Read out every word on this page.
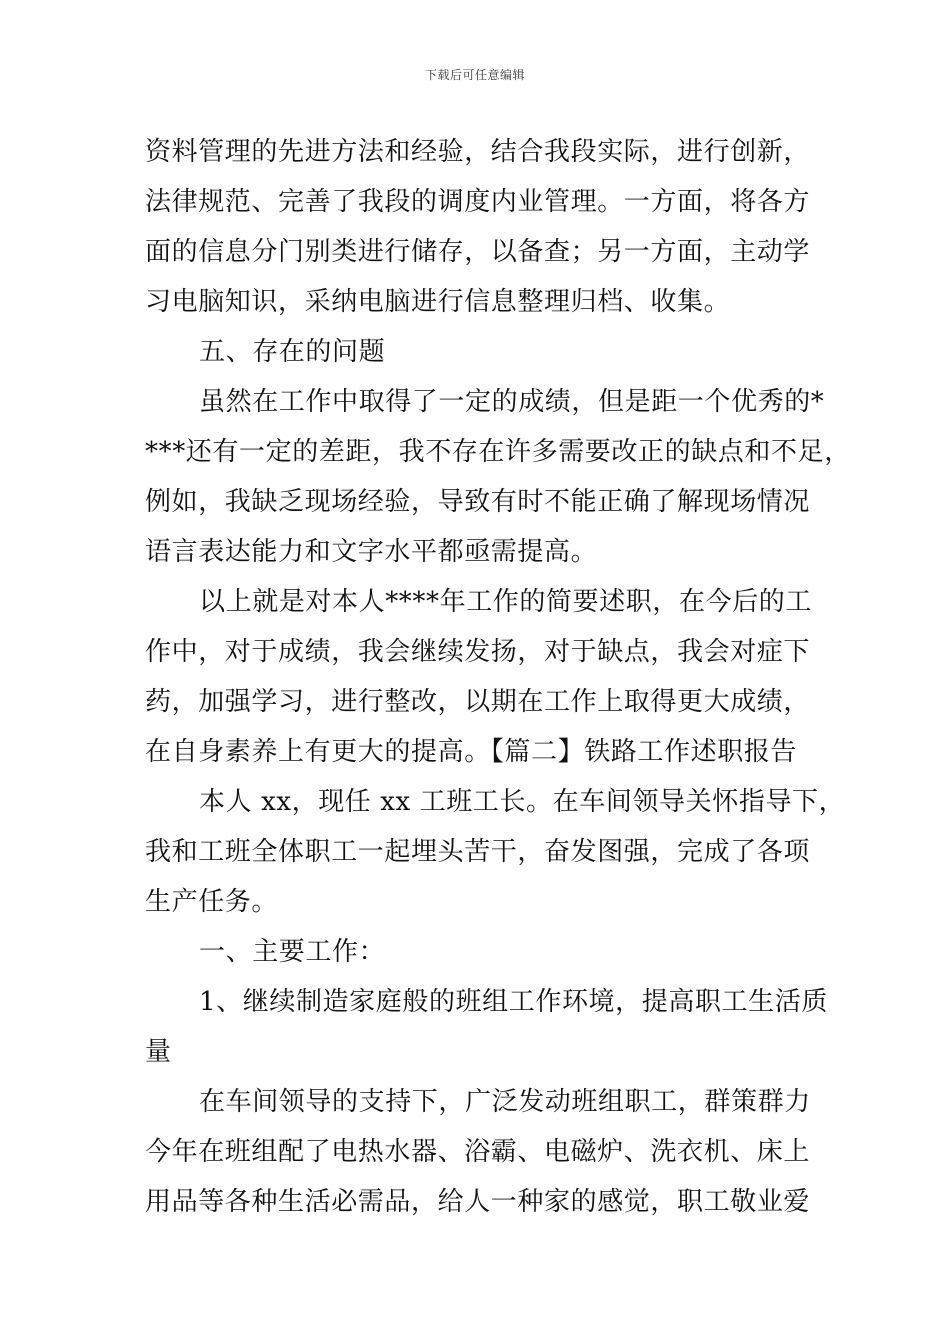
下载后可任意编辑
资料管理的先进方法和经验，结合我段实际，进行创新，
法律规范、完善了我段的调度内业管理。一方面，将各方
面的信息分门别类进行储存，以备查；另一方面，主动学
习电脑知识，采纳电脑进行信息整理归档、收集。
五、存在的问题
虽然在工作中取得了一定的成绩，但是距一个优秀的*
***还有一定的差距，我不存在许多需要改正的缺点和不足，
例如，我缺乏现场经验，导致有时不能正确了解现场情况
语言表达能力和文字水平都亟需提高。
以上就是对本人****年工作的简要述职，在今后的工
作中，对于成绩，我会继续发扬，对于缺点，我会对症下
药，加强学习，进行整改，以期在工作上取得更大成绩，
在自身素养上有更大的提高。【篇二】铁路工作述职报告
本人 xx，现任 xx 工班工长。在车间领导关怀指导下，
我和工班全体职工一起埋头苦干，奋发图强，完成了各项
生产任务。
一、主要工作：
1、继续制造家庭般的班组工作环境，提高职工生活质
量
在车间领导的支持下，广泛发动班组职工，群策群力
今年在班组配了电热水器、浴霸、电磁炉、洗衣机、床上
用品等各种生活必需品，给人一种家的感觉，职工敬业爱
